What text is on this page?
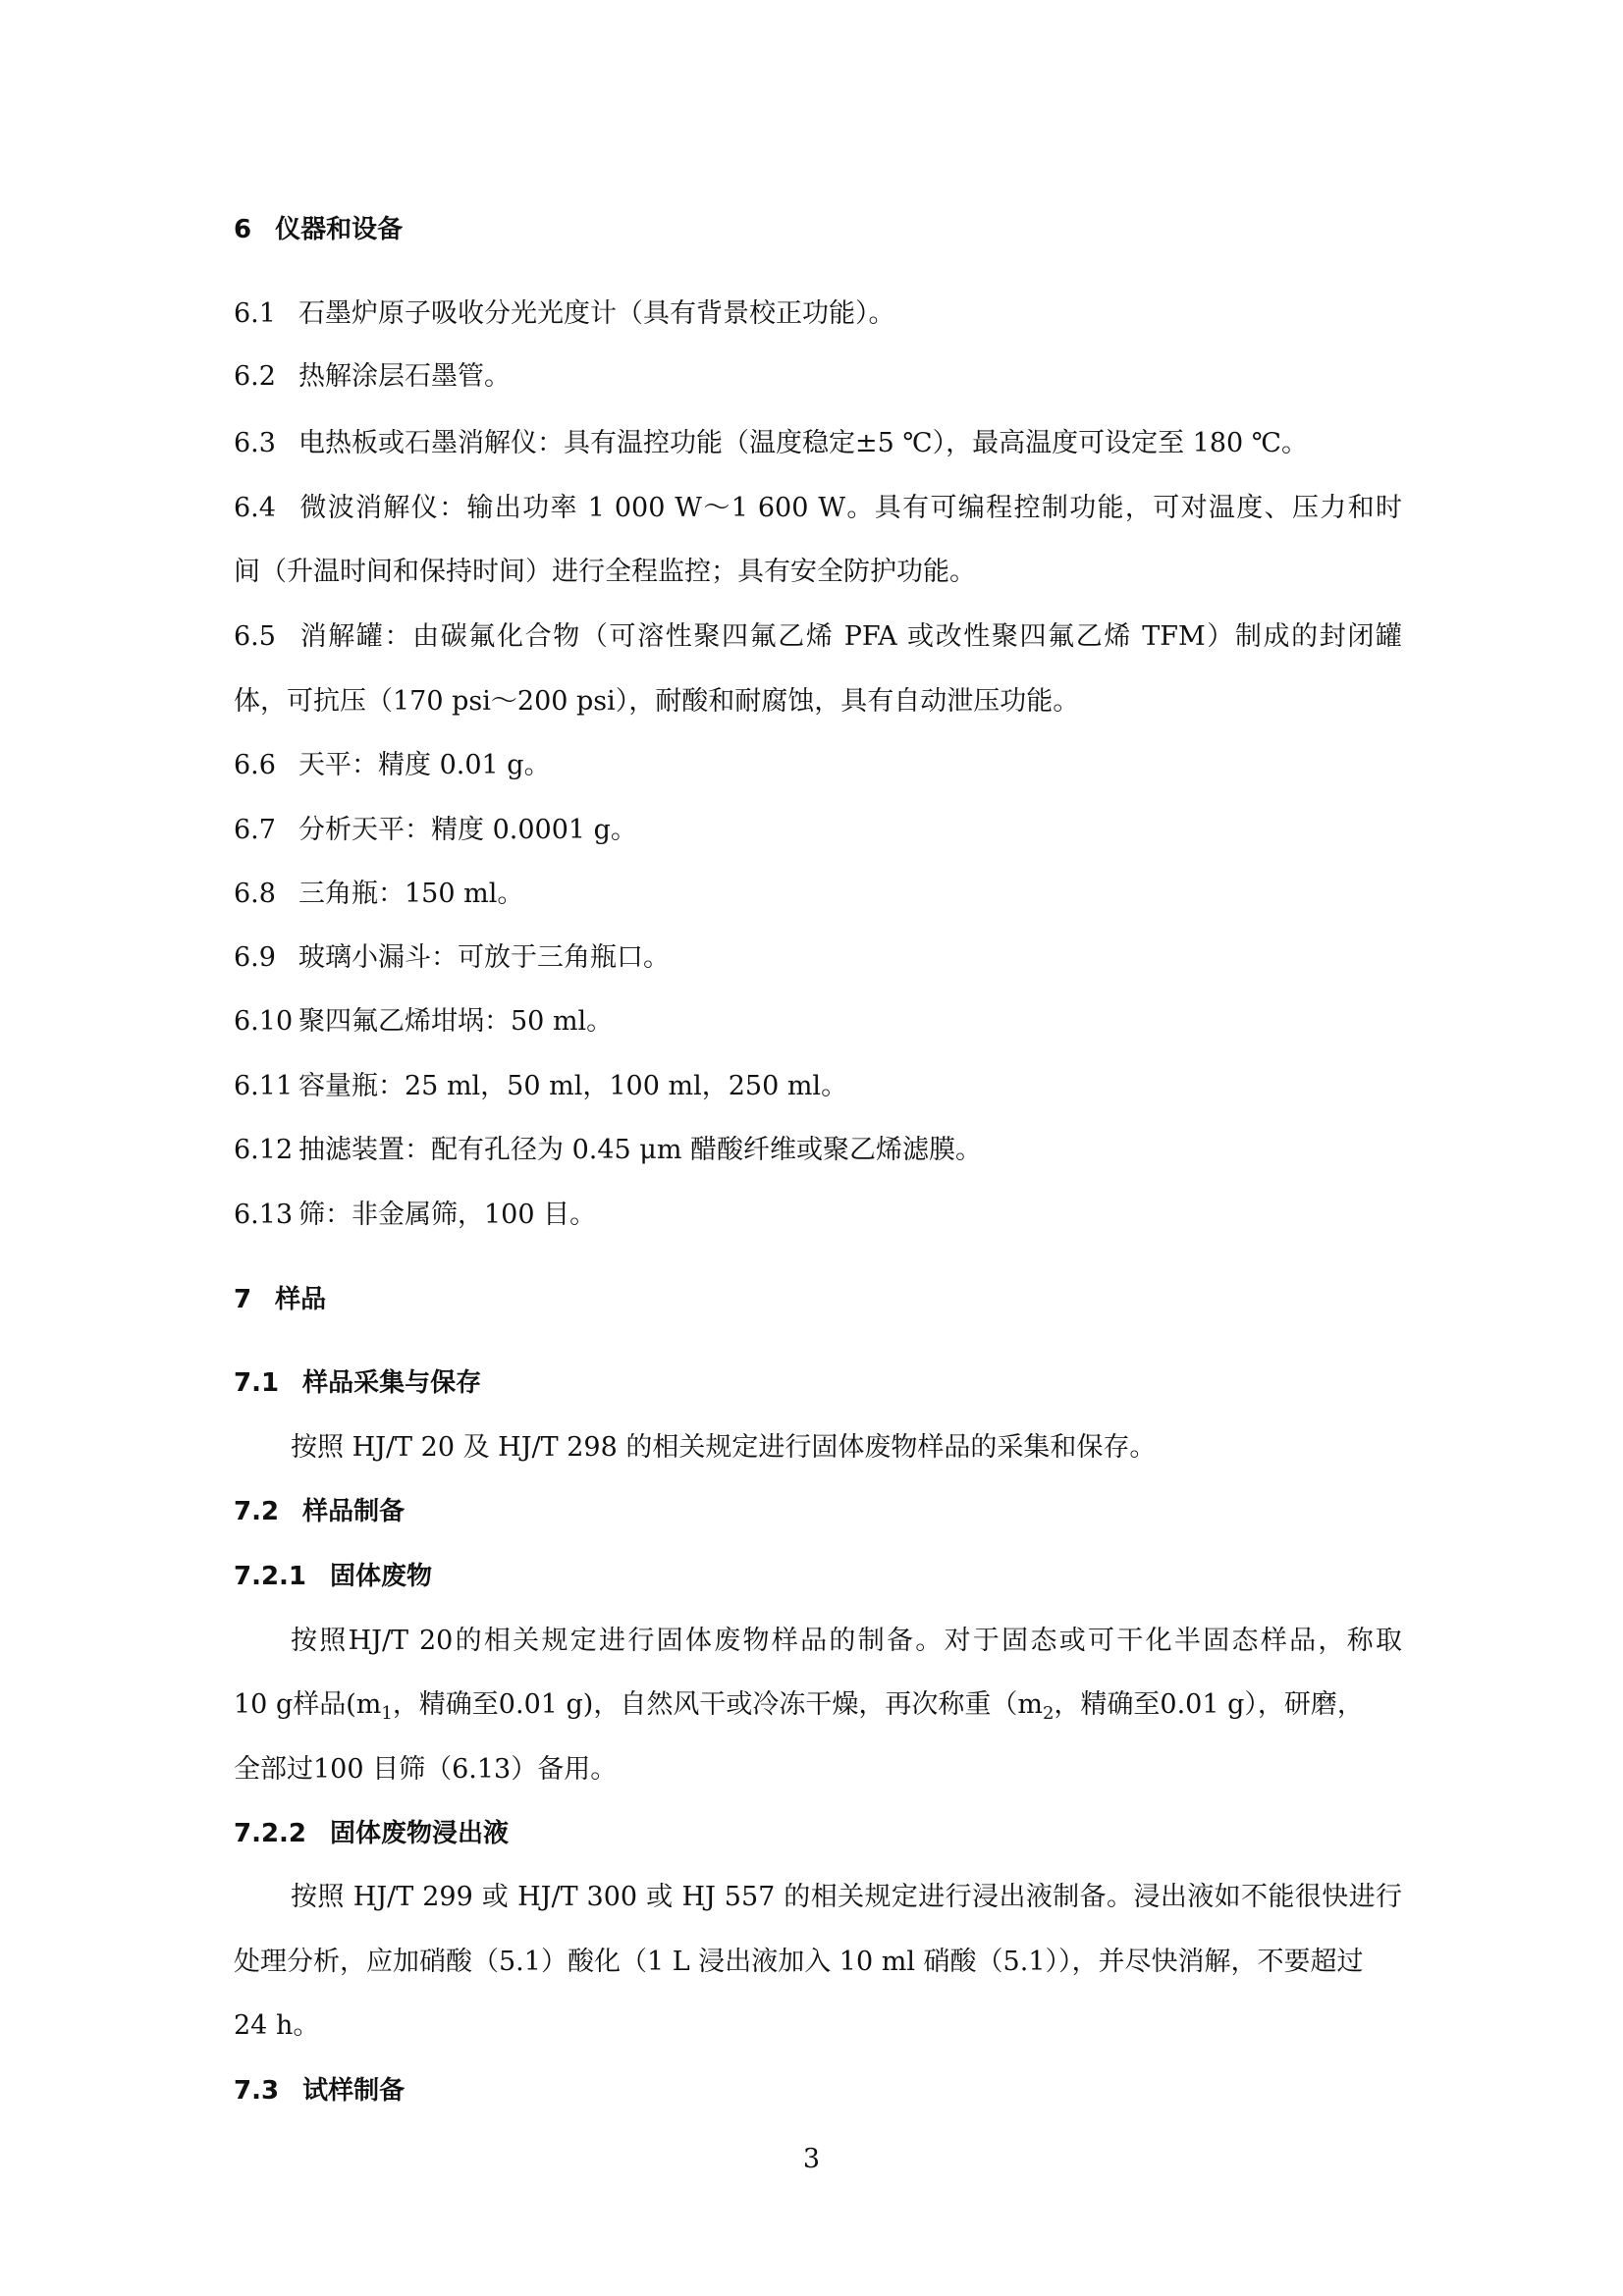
6 仪器和设备
6.1 石墨炉原子吸收分光光度计（具有背景校正功能）。
6.2 热解涂层石墨管。
6.3 电热板或石墨消解仪：具有温控功能（温度稳定±5 ℃），最高温度可设定至 180 ℃。
6.4 微波消解仪：输出功率 1 000 W～1 600 W。具有可编程控制功能，可对温度、压力和时
间（升温时间和保持时间）进行全程监控；具有安全防护功能。
6.5 消解罐：由碳氟化合物（可溶性聚四氟乙烯 PFA 或改性聚四氟乙烯 TFM）制成的封闭罐
体，可抗压（170 psi～200 psi），耐酸和耐腐蚀，具有自动泄压功能。
6.6 天平：精度 0.01 g。
6.7 分析天平：精度 0.0001 g。
6.8 三角瓶：150 ml。
6.9 玻璃小漏斗：可放于三角瓶口。
6.10 聚四氟乙烯坩埚：50 ml。
6.11 容量瓶：25 ml，50 ml，100 ml，250 ml。
6.12 抽滤装置：配有孔径为 0.45 μm 醋酸纤维或聚乙烯滤膜。
6.13 筛：非金属筛，100 目。
7 样品
7.1 样品采集与保存
按照 HJ/T 20 及 HJ/T 298 的相关规定进行固体废物样品的采集和保存。
7.2 样品制备
7.2.1 固体废物
按照HJ/T 20的相关规定进行固体废物样品的制备。对于固态或可干化半固态样品，称取
10 g样品($m_1$，精确至0.01 g)，自然风干或冷冻干燥，再次称重（$m_2$，精确至0.01 g），研磨，
全部过100 目筛（6.13）备用。
7.2.2 固体废物浸出液
按照 HJ/T 299 或 HJ/T 300 或 HJ 557 的相关规定进行浸出液制备。浸出液如不能很快进行
处理分析，应加硝酸（5.1）酸化（1 L 浸出液加入 10 ml 硝酸（5.1）），并尽快消解，不要超过
24 h。
7.3 试样制备
3
